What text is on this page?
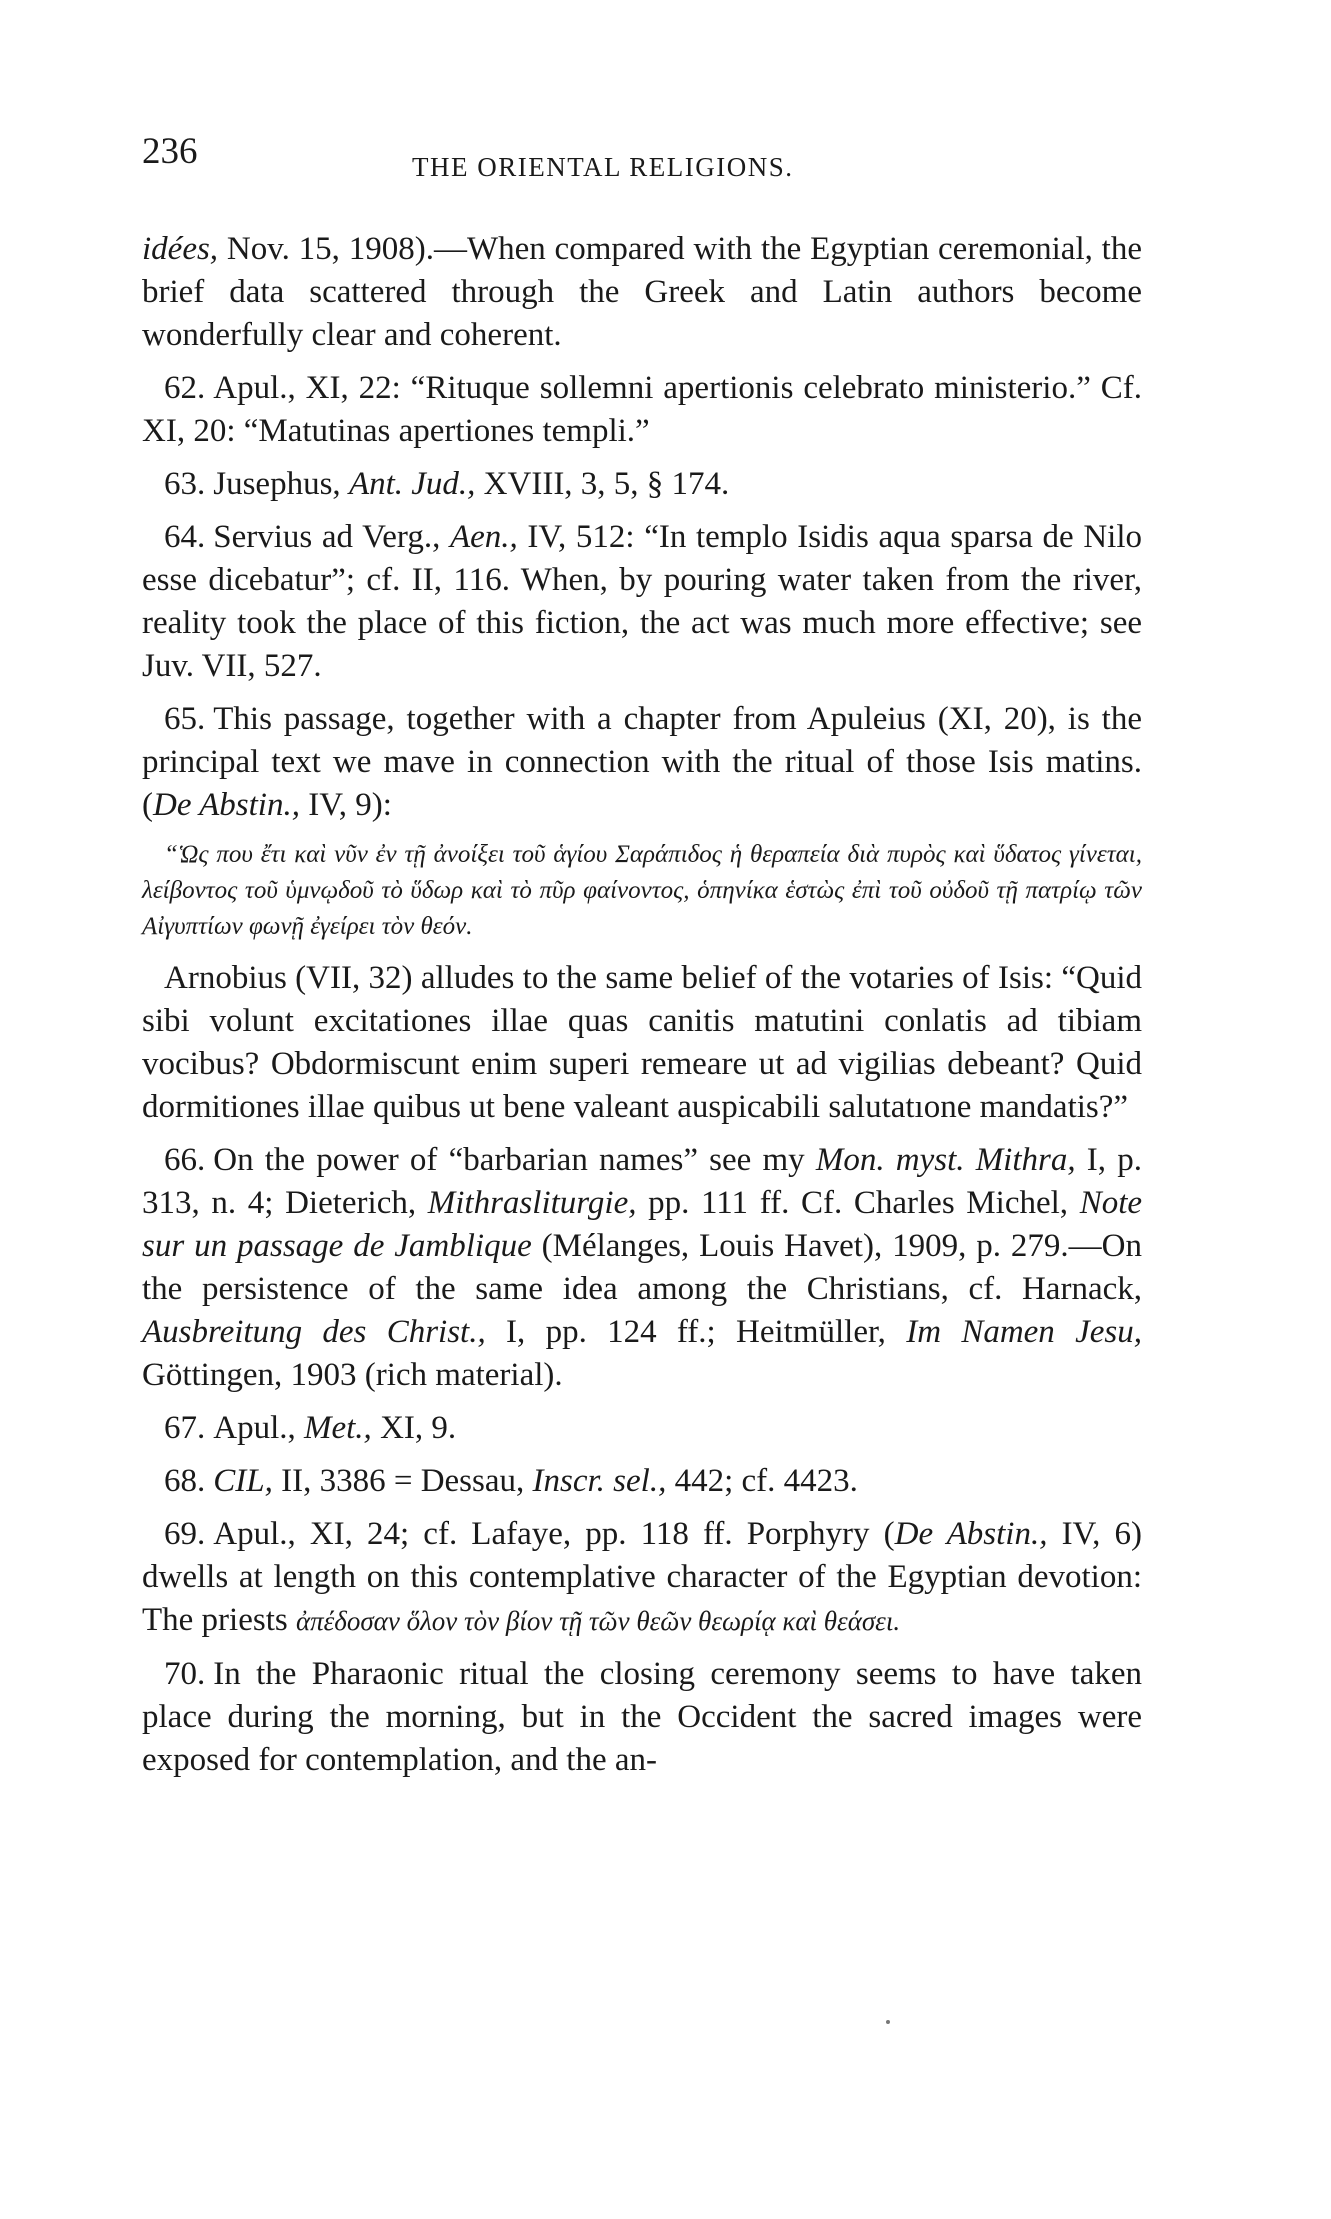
236	THE ORIENTAL RELIGIONS.

idées, Nov. 15, 1908).—When compared with the Egyptian ceremonial, the brief data scattered through the Greek and Latin authors become wonderfully clear and coherent.

62. Apul., XI, 22: “Rituque sollemni apertionis celebrato ministerio.” Cf. XI, 20: “Matutinas apertiones templi.”

63. Jusephus, Ant. Jud., XVIII, 3, 5, § 174.

64. Servius ad Verg., Aen., IV, 512: “In templo Isidis aqua sparsa de Nilo esse dicebatur”; cf. II, 116. When, by pouring water taken from the river, reality took the place of this fiction, the act was much more effective; see Juv. VII, 527.

65. This passage, together with a chapter from Apuleius (XI, 20), is the principal text we mave in connection with the ritual of those Isis matins. (De Abstin., IV, 9):

“Ὡς που ἔτι καὶ νῦν ἐν τῇ ἀνοίξει τοῦ ἁγίου Σαράπιδος ἡ θεραπεία διὰ πυρὸς καὶ ὕδατος γίνεται, λείβοντος τοῦ ὑμνῳδοῦ τὸ ὕδωρ καὶ τὸ πῦρ φαίνοντος, ὁπηνίκα ἑστὼς ἐπὶ τοῦ οὐδοῦ τῇ πατρίῳ τῶν Αἰγυπτίων φωνῇ ἐγείρει τὸν θεόν.

Arnobius (VII, 32) alludes to the same belief of the votaries of Isis: “Quid sibi volunt excitationes illae quas canitis matutini conlatis ad tibiam vocibus? Obdormiscunt enim superi remeare ut ad vigilias debeant? Quid dormitiones illae quibus ut bene valeant auspicabili salutatıone mandatis?”

66. On the power of “barbarian names” see my Mon. myst. Mithra, I, p. 313, n. 4; Dieterich, Mithrasliturgie, pp. 111 ff. Cf. Charles Michel, Note sur un passage de Jamblique (Mélanges, Louis Havet), 1909, p. 279.—On the persistence of the same idea among the Christians, cf. Harnack, Ausbreitung des Christ., I, pp. 124 ff.; Heitmüller, Im Namen Jesu, Göttingen, 1903 (rich material).

67. Apul., Met., XI, 9.

68. CIL, II, 3386 = Dessau, Inscr. sel., 442; cf. 4423.

69. Apul., XI, 24; cf. Lafaye, pp. 118 ff. Porphyry (De Abstin., IV, 6) dwells at length on this contemplative character of the Egyptian devotion: The priests ἀπέδοσαν ὅλον τὸν βίον τῇ τῶν θεῶν θεωρίᾳ καὶ θεάσει.

70. In the Pharaonic ritual the closing ceremony seems to have taken place during the morning, but in the Occident the sacred images were exposed for contemplation, and the an-
